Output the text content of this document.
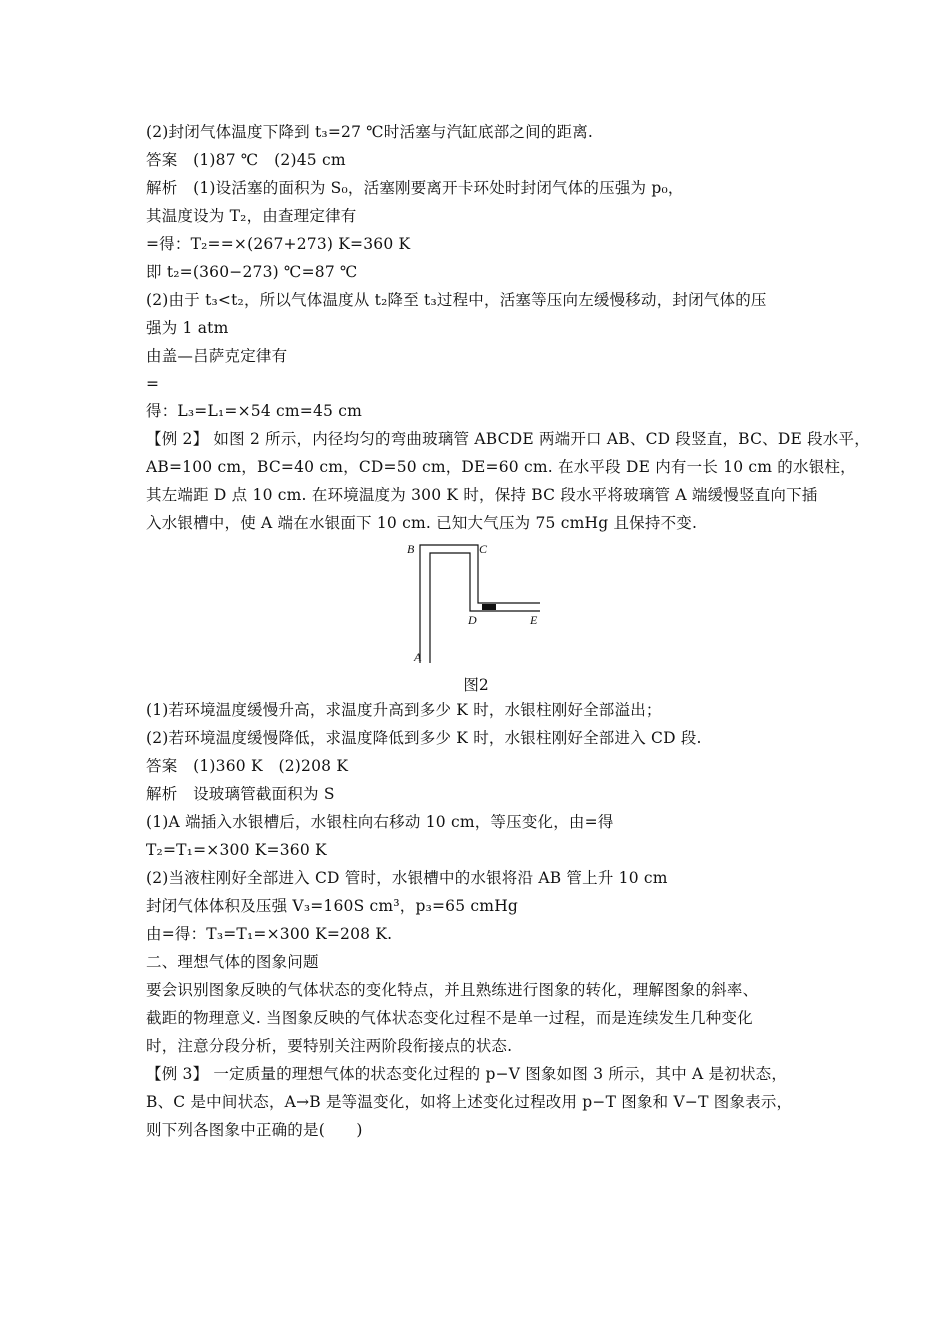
(2)封闭气体温度下降到 t₃=27 ℃时活塞与汽缸底部之间的距离.
答案　(1)87 ℃　(2)45 cm
解析　(1)设活塞的面积为 S₀，活塞刚要离开卡环处时封闭气体的压强为 p₀，
其温度设为 T₂，由查理定律有
=得：T₂==×(267+273) K=360 K
即 t₂=(360−273) ℃=87 ℃
(2)由于 t₃<t₂，所以气体温度从 t₂降至 t₃过程中，活塞等压向左缓慢移动，封闭气体的压
强为 1 atm
由盖—吕萨克定律有
=
得：L₃=L₁=×54 cm=45 cm
【例 2】 如图 2 所示，内径均匀的弯曲玻璃管 ABCDE 两端开口 AB、CD 段竖直，BC、DE 段水平，
AB=100 cm，BC=40 cm，CD=50 cm，DE=60 cm. 在水平段 DE 内有一长 10 cm 的水银柱，
其左端距 D 点 10 cm. 在环境温度为 300 K 时，保持 BC 段水平将玻璃管 A 端缓慢竖直向下插
入水银槽中，使 A 端在水银面下 10 cm. 已知大气压为 75 cmHg 且保持不变.
B	C
D	E
A
图2
(1)若环境温度缓慢升高，求温度升高到多少 K 时，水银柱刚好全部溢出；
(2)若环境温度缓慢降低，求温度降低到多少 K 时，水银柱刚好全部进入 CD 段.
答案　(1)360 K　(2)208 K
解析　设玻璃管截面积为 S
(1)A 端插入水银槽后，水银柱向右移动 10 cm，等压变化，由=得
T₂=T₁=×300 K=360 K
(2)当液柱刚好全部进入 CD 管时，水银槽中的水银将沿 AB 管上升 10 cm
封闭气体体积及压强 V₃=160S cm³，p₃=65 cmHg
由=得：T₃=T₁=×300 K=208 K.
二、理想气体的图象问题
要会识别图象反映的气体状态的变化特点，并且熟练进行图象的转化，理解图象的斜率、
截距的物理意义. 当图象反映的气体状态变化过程不是单一过程，而是连续发生几种变化
时，注意分段分析，要特别关注两阶段衔接点的状态.
【例 3】 一定质量的理想气体的状态变化过程的 p−V 图象如图 3 所示，其中 A 是初状态，
B、C 是中间状态，A→B 是等温变化，如将上述变化过程改用 p−T 图象和 V−T 图象表示，
则下列各图象中正确的是(　　)
